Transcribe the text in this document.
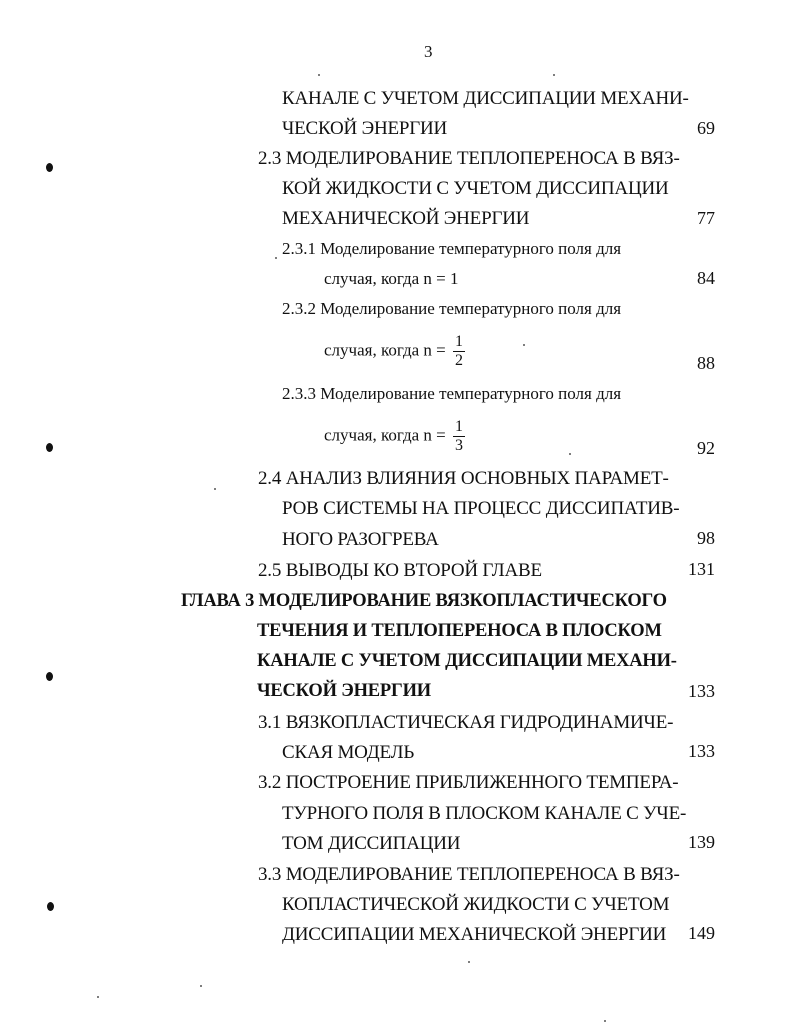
3
КАНАЛЕ С УЧЕТОМ ДИССИПАЦИИ МЕХАНИ-
ЧЕСКОЙ ЭНЕРГИИ	69
2.3 МОДЕЛИРОВАНИЕ ТЕПЛОПЕРЕНОСА В ВЯЗ-
КОЙ ЖИДКОСТИ С УЧЕТОМ ДИССИПАЦИИ
МЕХАНИЧЕСКОЙ ЭНЕРГИИ	77
2.3.1 Моделирование температурного поля для
случая, когда n = 1	84
2.3.2 Моделирование температурного поля для
случая, когда $n = \frac{1}{2}$	88
2.3.3 Моделирование температурного поля для
случая, когда $n = \frac{1}{3}$	92
2.4 АНАЛИЗ ВЛИЯНИЯ ОСНОВНЫХ ПАРАМЕТ-
РОВ СИСТЕМЫ НА ПРОЦЕСС ДИССИПАТИВ-
НОГО РАЗОГРЕВА	98
2.5 ВЫВОДЫ КО ВТОРОЙ ГЛАВЕ	131
ГЛАВА 3 МОДЕЛИРОВАНИЕ ВЯЗКОПЛАСТИЧЕСКОГО
ТЕЧЕНИЯ И ТЕПЛОПЕРЕНОСА В ПЛОСКОМ
КАНАЛЕ С УЧЕТОМ ДИССИПАЦИИ МЕХАНИ-
ЧЕСКОЙ ЭНЕРГИИ	133
3.1 ВЯЗКОПЛАСТИЧЕСКАЯ ГИДРОДИНАМИЧЕ-
СКАЯ МОДЕЛЬ	133
3.2 ПОСТРОЕНИЕ ПРИБЛИЖЕННОГО ТЕМПЕРА-
ТУРНОГО ПОЛЯ В ПЛОСКОМ КАНАЛЕ С УЧЕ-
ТОМ ДИССИПАЦИИ	139
3.3 МОДЕЛИРОВАНИЕ ТЕПЛОПЕРЕНОСА В ВЯЗ-
КОПЛАСТИЧЕСКОЙ ЖИДКОСТИ С УЧЕТОМ
ДИССИПАЦИИ МЕХАНИЧЕСКОЙ ЭНЕРГИИ 149
